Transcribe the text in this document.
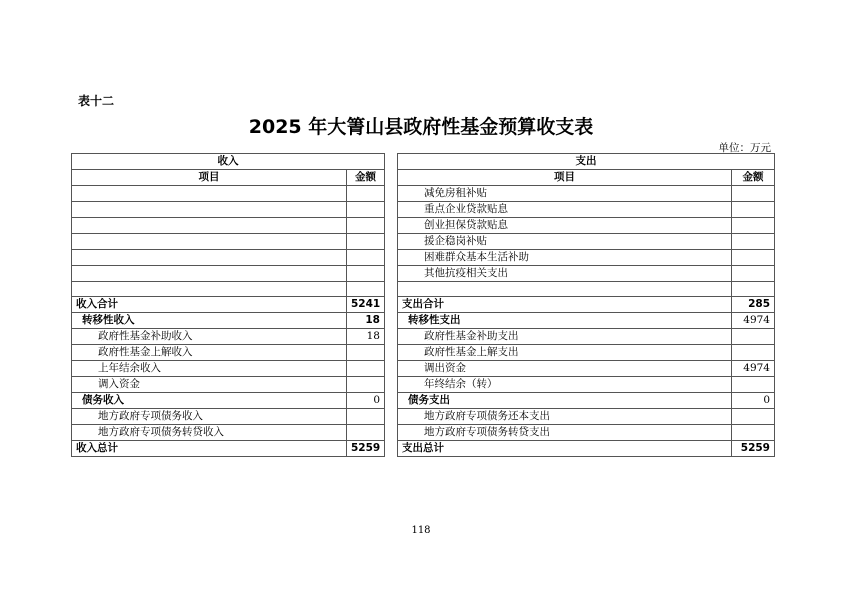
表十二
2025 年大箐山县政府性基金预算收支表
单位：万元
收入			支出	
项目	金额		项目	金额
			减免房租补贴	
			重点企业贷款贴息	
			创业担保贷款贴息	
			援企稳岗补贴	
			困难群众基本生活补助	
			其他抗疫相关支出	

收入合计	5241		支出合计	285
转移性收入	18		转移性支出	4974
政府性基金补助收入	18		政府性基金补助支出	
政府性基金上解收入			政府性基金上解支出	
上年结余收入			调出资金	4974
调入资金			年终结余（转）	
债务收入	0		债务支出	0
地方政府专项债务收入			地方政府专项债务还本支出	
地方政府专项债务转贷收入			地方政府专项债务转贷支出	
收入总计	5259		支出总计	5259
118
